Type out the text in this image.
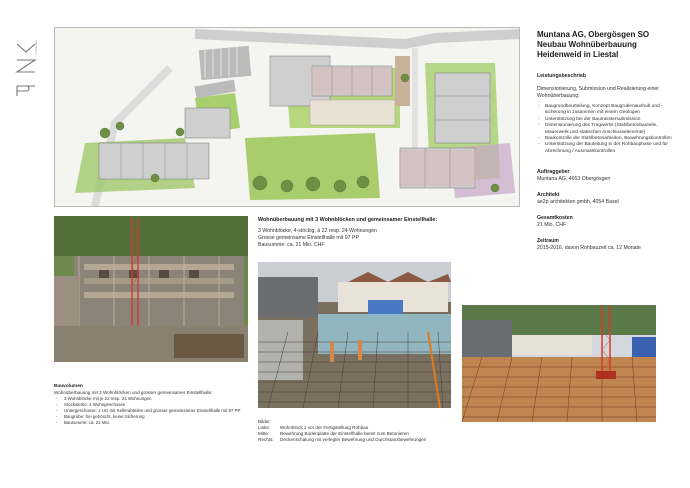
architekten
Muntana AG, Obergösgen SO
Neubau Wohnüberbauung
Heidenweid in Liestal
Leistungsbeschrieb
Dimensionierung, Submission und Realisierung einer Wohnüberbauung:
- Baugrundbeurteilung, Konzept Baugrubenaushub und -sicherung in zusammen mit einem Geologen
- Unterstützung bei der Baumeistersubmission
- Dimensionierung des Tragwerks (Stahlbetonbauteile, Mauerwerk und statischen Anschlusselemente)
- Baukontrolle der Stahlbetonarbeiten, Bewehrungskontrollen
- Unterstützung der Bauleitung in der Rohbauphase und für Abrechnung / Ausmasskontrollen
Auftraggeber
Muntana AG, 4653 Obergösgen
Architekt
ae2p architekten gmbh, 4054 Basel
Gesamtkosten
21 Mio. CHF
Zeitraum
2015-2016, davon Rohbauzeit ca. 12 Monate
Wohnüberbauung mit 3 Wohnblöcken und gemeinsamer Einstellhalle:
3 Wohnblöcke, 4-stöckig, à 22 resp. 24 Wohnungen
Grosse gemeinsame Einstellhalle mit 97 PP
Bausumme: ca. 21 Mio. CHF
Bauvolumen
Wohnüberbauung mit 3 Wohnblöcken und grosser gemeinsamer Einstellhalle:
- 3 Wohnblöcke mit je 22 resp. 24 Wohnungen
- Stockwerke: 4 Wohngeschosse
- Untergeschosse: 1 UG mit Kellerabteilen und grosser gemeinsamer Einstellhalle mit 97 PP
- Baugrube: frei geböscht, keine Sicherung
- Bausumme: ca. 21 Mio.	Bilder:
Links:	Wohnblock 1 vor der Fertigstellung Rohbau
Mitte:	Bewehrung Bodenplatte der Einstellhalle bereit zum Betonieren
Rechts:	Deckenschalung mit verlegter Bewehrung und Durchstanzbewehrungen
